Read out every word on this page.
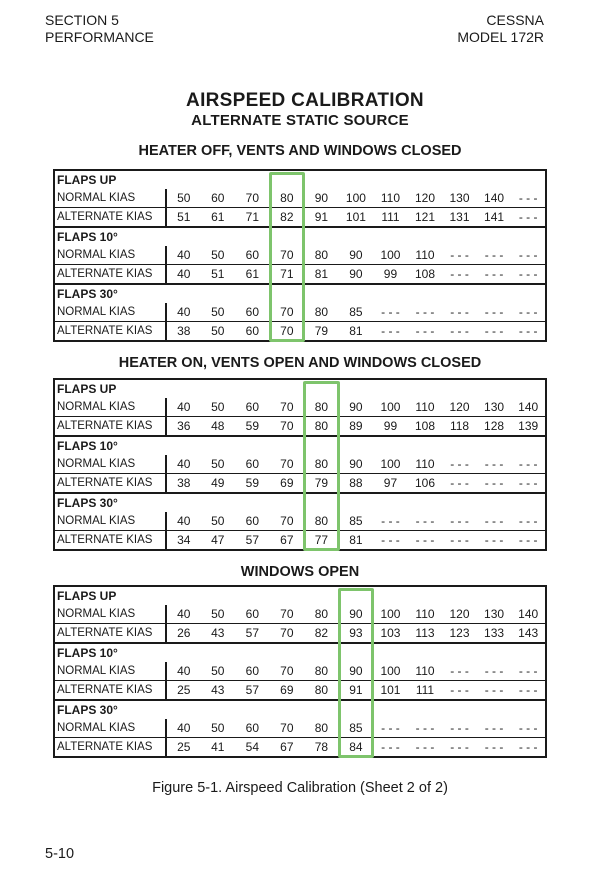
SECTION 5
PERFORMANCE
CESSNA
MODEL 172R
AIRSPEED CALIBRATION
ALTERNATE STATIC SOURCE
HEATER OFF, VENTS AND WINDOWS CLOSED
FLAPS UP											
NORMAL KIAS	50	60	70	80	90	100	110	120	130	140	- - -
ALTERNATE KIAS	51	61	71	82	91	101	111	121	131	141	- - -
FLAPS 10°											
NORMAL KIAS	40	50	60	70	80	90	100	110	- - -	- - -	- - -
ALTERNATE KIAS	40	51	61	71	81	90	99	108	- - -	- - -	- - -
FLAPS 30°											
NORMAL KIAS	40	50	60	70	80	85	- - -	- - -	- - -	- - -	- - -
ALTERNATE KIAS	38	50	60	70	79	81	- - -	- - -	- - -	- - -	- - -
HEATER ON, VENTS OPEN AND WINDOWS CLOSED
FLAPS UP											
NORMAL KIAS	40	50	60	70	80	90	100	110	120	130	140
ALTERNATE KIAS	36	48	59	70	80	89	99	108	118	128	139
FLAPS 10°											
NORMAL KIAS	40	50	60	70	80	90	100	110	- - -	- - -	- - -
ALTERNATE KIAS	38	49	59	69	79	88	97	106	- - -	- - -	- - -
FLAPS 30°											
NORMAL KIAS	40	50	60	70	80	85	- - -	- - -	- - -	- - -	- - -
ALTERNATE KIAS	34	47	57	67	77	81	- - -	- - -	- - -	- - -	- - -
WINDOWS OPEN
FLAPS UP											
NORMAL KIAS	40	50	60	70	80	90	100	110	120	130	140
ALTERNATE KIAS	26	43	57	70	82	93	103	113	123	133	143
FLAPS 10°											
NORMAL KIAS	40	50	60	70	80	90	100	110	- - -	- - -	- - -
ALTERNATE KIAS	25	43	57	69	80	91	101	111	- - -	- - -	- - -
FLAPS 30°											
NORMAL KIAS	40	50	60	70	80	85	- - -	- - -	- - -	- - -	- - -
ALTERNATE KIAS	25	41	54	67	78	84	- - -	- - -	- - -	- - -	- - -
Figure 5-1. Airspeed Calibration (Sheet 2 of 2)
5-10
